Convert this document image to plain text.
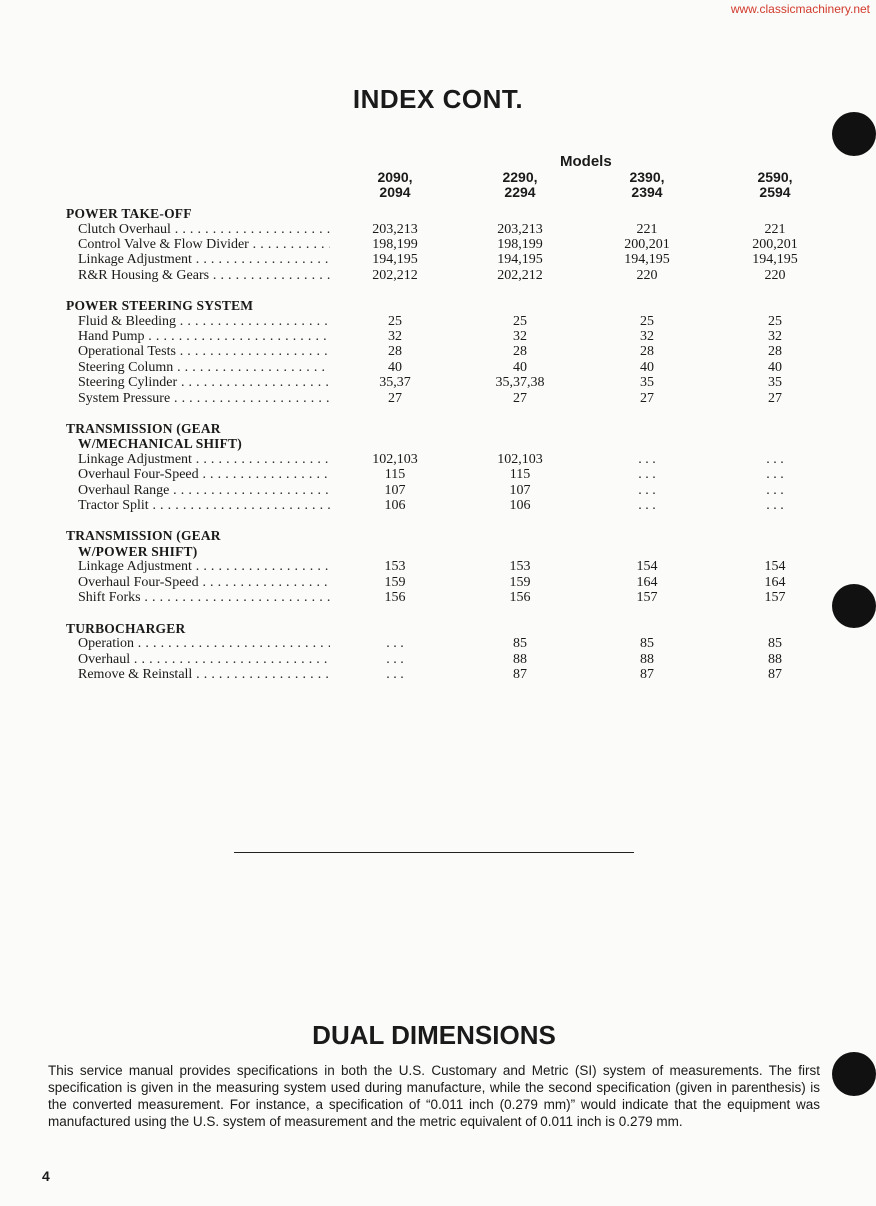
www.classicmachinery.net
INDEX CONT.
Models
2090,
2094
2290,
2294
2390,
2394
2590,
2594
POWER TAKE-OFF
Clutch Overhaul . . .	203,213	203,213	221	221
Control Valve & Flow Divider . . .	198,199	198,199	200,201	200,201
Linkage Adjustment . . .	194,195	194,195	194,195	194,195
R&R Housing & Gears . . .	202,212	202,212	220	220
POWER STEERING SYSTEM
Fluid & Bleeding . . .	25	25	25	25
Hand Pump . . .	32	32	32	32
Operational Tests . . .	28	28	28	28
Steering Column . . .	40	40	40	40
Steering Cylinder . . .	35,37	35,37,38	35	35
System Pressure . . .	27	27	27	27
TRANSMISSION (GEAR
W/MECHANICAL SHIFT)
Linkage Adjustment . . .	102,103	102,103	. . .	. . .
Overhaul Four-Speed . . .	115	115	. . .	. . .
Overhaul Range . . .	107	107	. . .	. . .
Tractor Split . . .	106	106	. . .	. . .
TRANSMISSION (GEAR
W/POWER SHIFT)
Linkage Adjustment . . .	153	153	154	154
Overhaul Four-Speed . . .	159	159	164	164
Shift Forks . . .	156	156	157	157
TURBOCHARGER
Operation . . .	. . .	85	85	85
Overhaul . . .	. . .	88	88	88
Remove & Reinstall . . .	. . .	87	87	87
DUAL DIMENSIONS
This service manual provides specifications in both the U.S. Customary and Metric (SI) system of measurements. The first specification is given in the measuring system used during manufacture, while the second specification (given in parenthesis) is the converted measurement. For instance, a specification of “0.011 inch (0.279 mm)” would indicate that the equipment was manufactured using the U.S. system of measurement and the metric equivalent of 0.011 inch is 0.279 mm.
4
